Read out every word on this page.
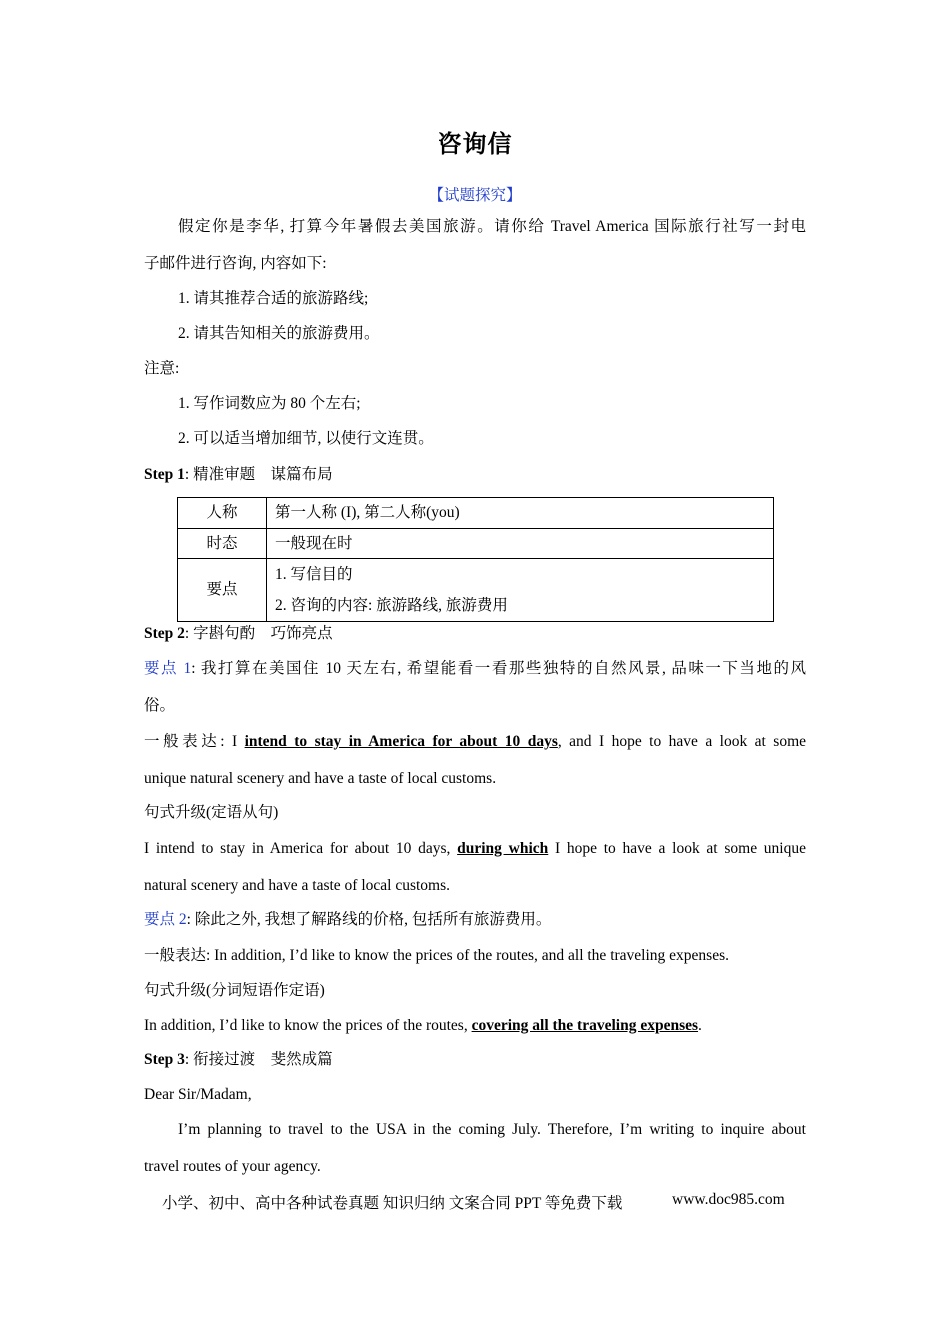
咨询信
【试题探究】
假定你是李华, 打算今年暑假去美国旅游。请你给 Travel America 国际旅行社写一封电
子邮件进行咨询, 内容如下:
1. 请其推荐合适的旅游路线;
2. 请其告知相关的旅游费用。
注意:
1. 写作词数应为 80 个左右;
2. 可以适当增加细节, 以使行文连贯。
Step 1: 精准审题　谋篇布局
人称	第一人称 (I), 第二人称(you)
时态	一般现在时
要点	1. 写信目的
2. 咨询的内容: 旅游路线, 旅游费用
Step 2: 字斟句酌　巧饰亮点
要点 1: 我打算在美国住 10 天左右, 希望能看一看那些独特的自然风景, 品味一下当地的风
俗。
一般表达: I intend to stay in America for about 10 days, and I hope to have a look at some
unique natural scenery and have a taste of local customs.
句式升级(定语从句)
I intend to stay in America for about 10 days, during which I hope to have a look at some unique
natural scenery and have a taste of local customs.
要点 2: 除此之外, 我想了解路线的价格, 包括所有旅游费用。
一般表达: In addition, I’d like to know the prices of the routes, and all the traveling expenses.
句式升级(分词短语作定语)
In addition, I’d like to know the prices of the routes, covering all the traveling expenses.
Step 3: 衔接过渡　斐然成篇
Dear Sir/Madam,
I’m planning to travel to the USA in the coming July. Therefore, I’m writing to inquire about
travel routes of your agency.
小学、初中、高中各种试卷真题 知识归纳 文案合同 PPT 等免费下载	www.doc985.com
